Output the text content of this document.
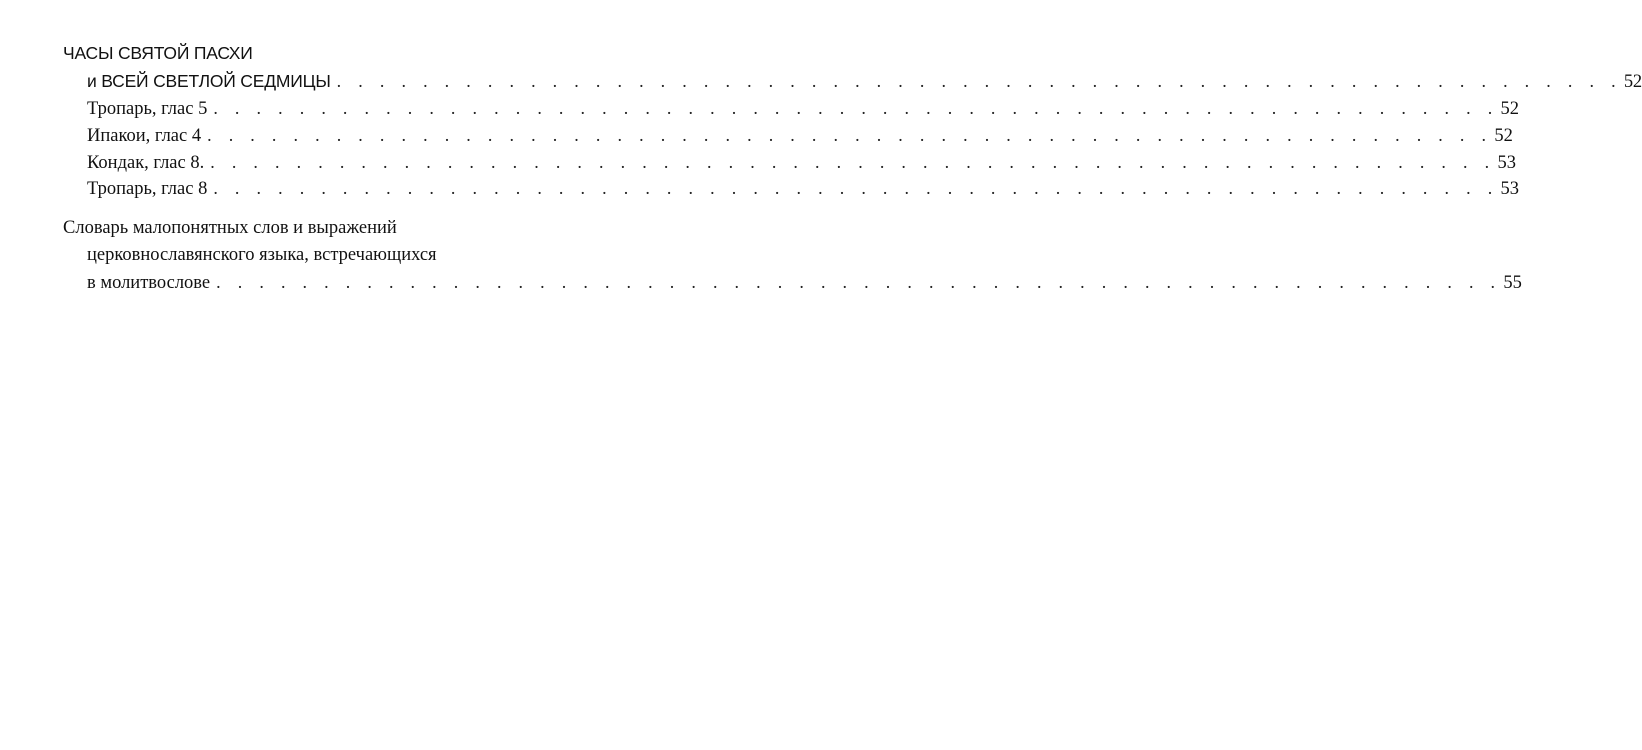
ЧАСЫ СВЯТОЙ ПАСХИ
и ВСЕЙ СВЕТЛОЙ СЕДМИЦЫ . . . . . . . . . . . . . . . . . . . . . . . . . . . . . . . . . . . . . . . . . . . . . . . . . . . . . . . . . . . . 52
Тропарь, глас 5 . . . . . . . . . . . . . . . . . . . . . . . . . . . . . . . . . . . . . . . . . . . . . . . . . . . . . . . . . . . . 52
Ипакои, глас 4 . . . . . . . . . . . . . . . . . . . . . . . . . . . . . . . . . . . . . . . . . . . . . . . . . . . . . . . . . . . . 52
Кондак, глас 8. . . . . . . . . . . . . . . . . . . . . . . . . . . . . . . . . . . . . . . . . . . . . . . . . . . . . . . . . . . . . 53
Тропарь, глас 8 . . . . . . . . . . . . . . . . . . . . . . . . . . . . . . . . . . . . . . . . . . . . . . . . . . . . . . . . . . . . 53
Словарь малопонятных слов и выражений
церковнославянского языка, встречающихся
в молитвослове . . . . . . . . . . . . . . . . . . . . . . . . . . . . . . . . . . . . . . . . . . . . . . . . . . . . . . . . . . . . 55
